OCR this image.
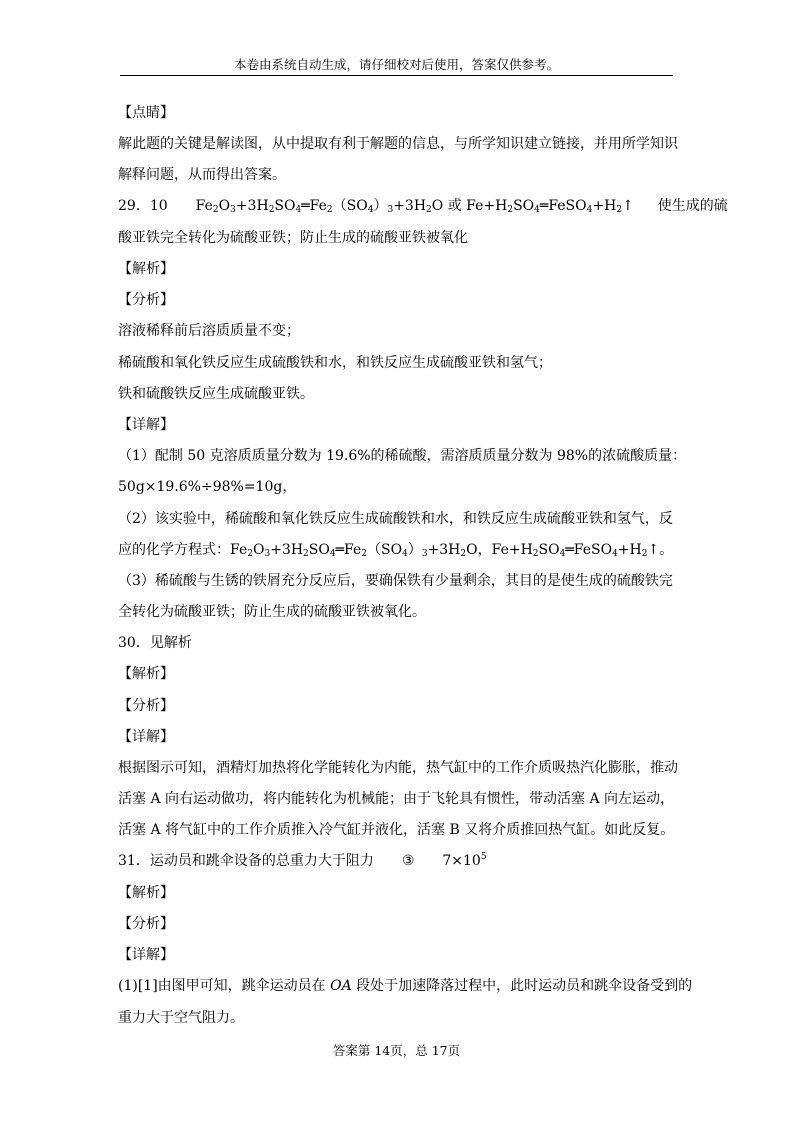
本卷由系统自动生成，请仔细校对后使用，答案仅供参考。
【点睛】
解此题的关键是解读图，从中提取有利于解题的信息，与所学知识建立链接，并用所学知识
解释问题，从而得出答案。
29．10 $Fe_2O_3+3H_2SO_4═Fe_2(SO_4)_3+3H_2O$ 或 $Fe+H_2SO_4═FeSO_4+H_2↑$ 使生成的硫
酸亚铁完全转化为硫酸亚铁；防止生成的硫酸亚铁被氧化
【解析】
【分析】
溶液稀释前后溶质质量不变；
稀硫酸和氧化铁反应生成硫酸铁和水，和铁反应生成硫酸亚铁和氢气；
铁和硫酸铁反应生成硫酸亚铁。
【详解】
（1）配制 50 克溶质质量分数为 19.6%的稀硫酸，需溶质质量分数为 98%的浓硫酸质量：
50g×19.6%÷98%=10g，
（2）该实验中，稀硫酸和氧化铁反应生成硫酸铁和水，和铁反应生成硫酸亚铁和氢气，反
应的化学方程式：$Fe_2O_3+3H_2SO_4═Fe_2(SO_4)_3+3H_2O$，$Fe+H_2SO_4═FeSO_4+H_2↑$。
（3）稀硫酸与生锈的铁屑充分反应后，要确保铁有少量剩余，其目的是使生成的硫酸铁完
全转化为硫酸亚铁；防止生成的硫酸亚铁被氧化。
30．见解析
【解析】
【分析】
【详解】
根据图示可知，酒精灯加热将化学能转化为内能，热气缸中的工作介质吸热汽化膨胀，推动
活塞 A 向右运动做功，将内能转化为机械能；由于飞轮具有惯性，带动活塞 A 向左运动，
活塞 A 将气缸中的工作介质推入冷气缸并液化，活塞 B 又将介质推回热气缸。如此反复。
31．运动员和跳伞设备的总重力大于阻力 ③ $7\times 10^5$
【解析】
【分析】
【详解】
(1)[1]由图甲可知，跳伞运动员在 OA 段处于加速降落过程中，此时运动员和跳伞设备受到的
重力大于空气阻力。
答案第 14页，总 17页
